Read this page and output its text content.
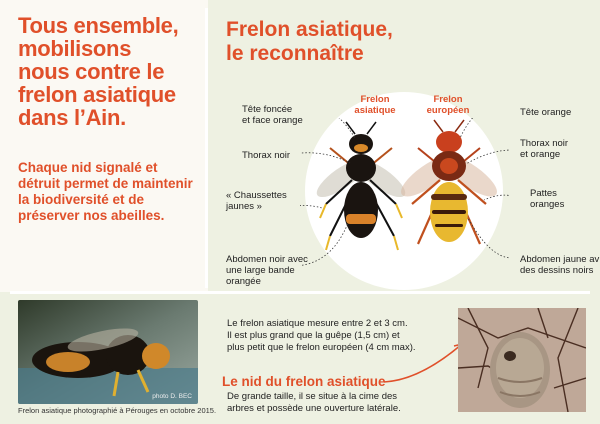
Tous ensemble,
mobilisons
nous contre le
frelon asiatique
dans l’Ain.
Chaque nid signalé et
détruit permet de maintenir
la biodiversité et de
préserver nos abeilles.
Frelon asiatique,
le reconnaître
Frelon
asiatique
Frelon
européen
Tête foncée
et face orange
Thorax noir
« Chaussettes
jaunes »
Abdomen noir avec
une large bande
orangée
Tête orange
Thorax noir
et orange
Pattes
oranges
Abdomen jaune av
des dessins noirs
photo D. BEC
Frelon asiatique photographié à Pérouges en octobre 2015.
Le frelon asiatique mesure entre 2 et 3 cm.
Il est plus grand que la guêpe (1,5 cm) et
plus petit que le frelon européen (4 cm max).
Le nid du frelon asiatique
De grande taille, il se situe à la cime des
arbres et possède une ouverture latérale.
